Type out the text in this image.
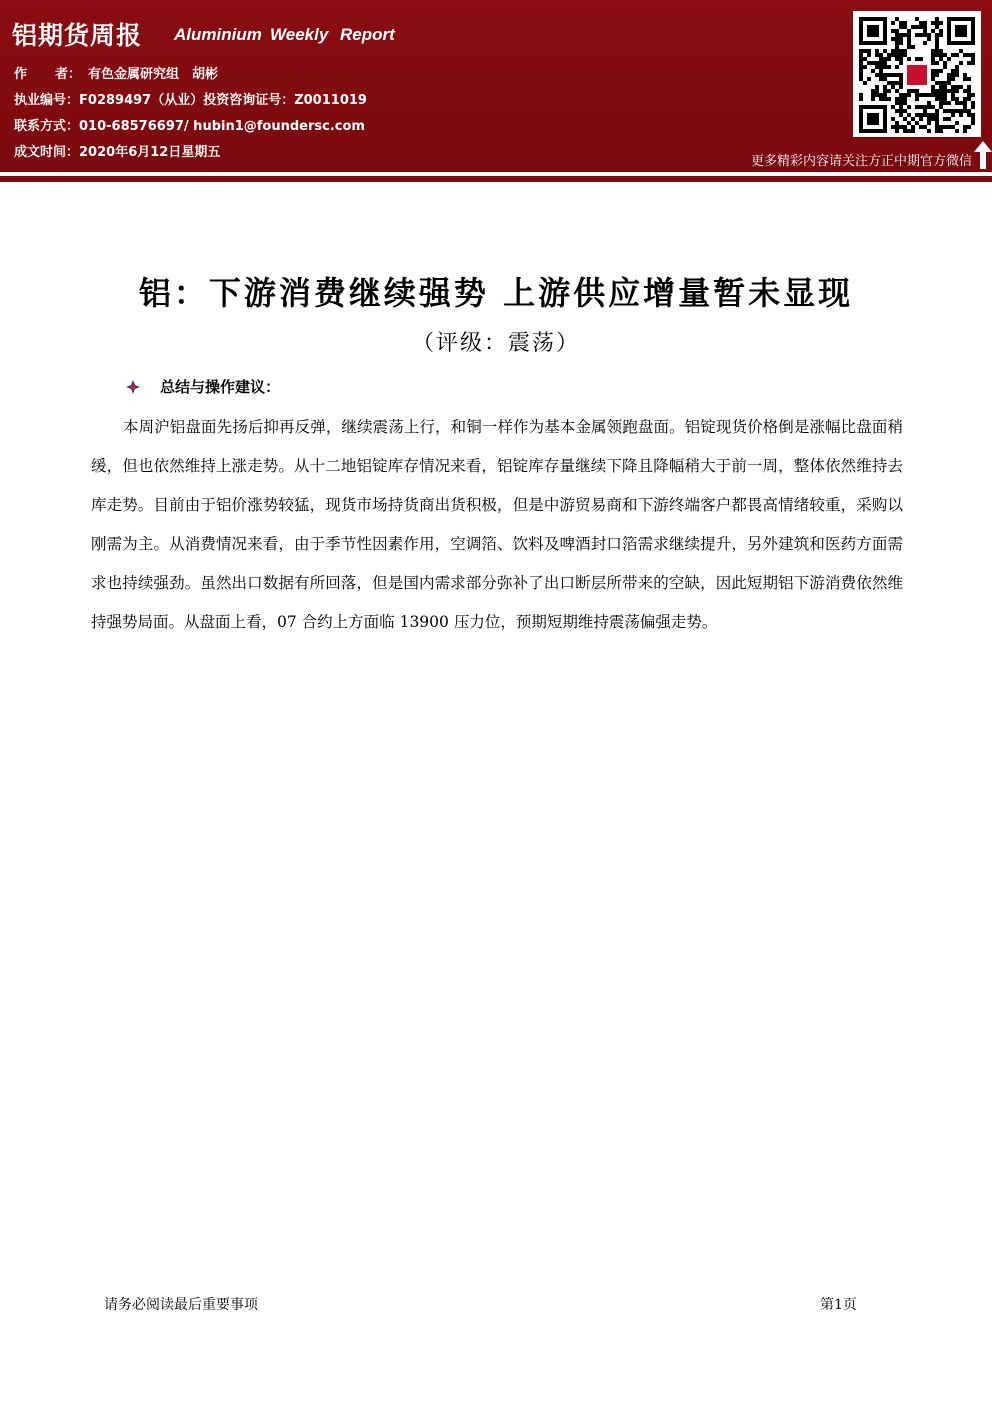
铝期货周报 Aluminium Weekly Report
作 者： 有色金属研究组　胡彬
执业编号：F0289497（从业）投资咨询证号：Z0011019
联系方式：010-68576697/ hubin1@foundersc.com
成文时间：2020年6月12日星期五
更多精彩内容请关注方正中期官方微信
铝：下游消费继续强势 上游供应增量暂未显现
（评级：震荡）
总结与操作建议：

本周沪铝盘面先扬后抑再反弹，继续震荡上行，和铜一样作为基本金属领跑盘面。铝锭现货价格倒是涨幅比盘面稍缓，但也依然维持上涨走势。从十二地铝锭库存情况来看，铝锭库存量继续下降且降幅稍大于前一周，整体依然维持去库走势。目前由于铝价涨势较猛，现货市场持货商出货积极，但是中游贸易商和下游终端客户都畏高情绪较重，采购以刚需为主。从消费情况来看，由于季节性因素作用，空调箔、饮料及啤酒封口箔需求继续提升，另外建筑和医药方面需求也持续强劲。虽然出口数据有所回落，但是国内需求部分弥补了出口断层所带来的空缺，因此短期铝下游消费依然维持强势局面。从盘面上看，07 合约上方面临 13900 压力位，预期短期维持震荡偏强走势。

请务必阅读最后重要事项	第1页
